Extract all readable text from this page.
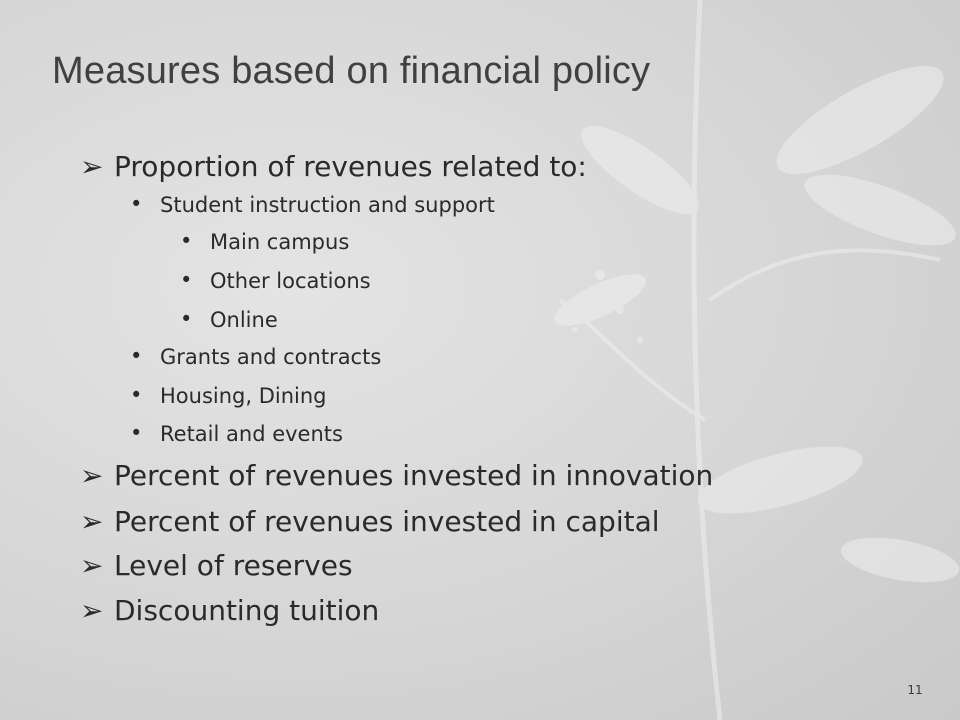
Measures based on financial policy
➢ Proportion of revenues related to:
• Student instruction and support
• Main campus
• Other locations
• Online
• Grants and contracts
• Housing, Dining
• Retail and events
➢ Percent of revenues invested in innovation
➢ Percent of revenues invested in capital
➢ Level of reserves
➢ Discounting tuition
11
